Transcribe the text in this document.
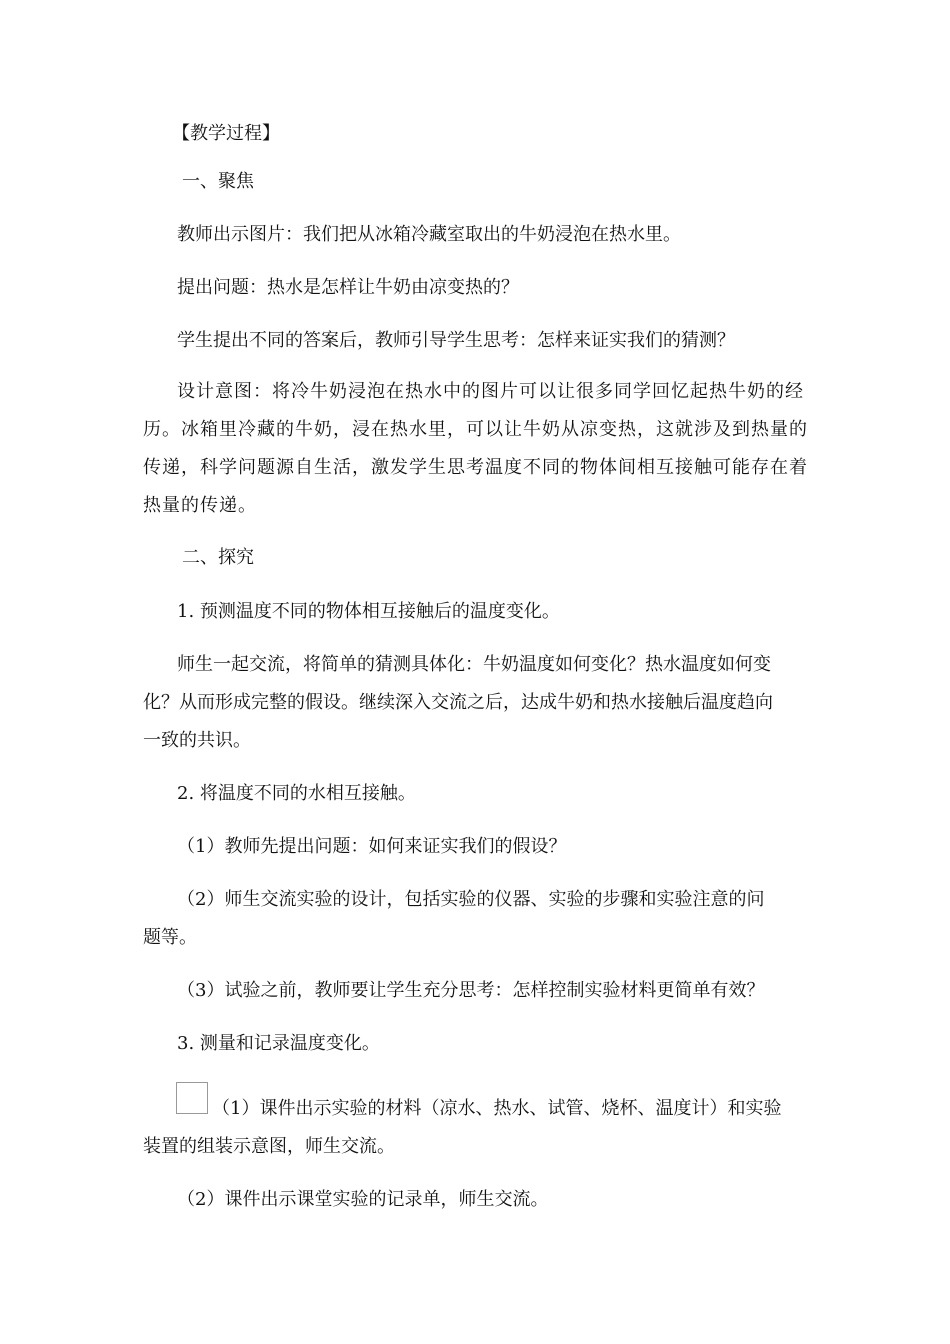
【教学过程】
一、聚焦
教师出示图片：我们把从冰箱冷藏室取出的牛奶浸泡在热水里。
提出问题：热水是怎样让牛奶由凉变热的？
学生提出不同的答案后，教师引导学生思考：怎样来证实我们的猜测？
设计意图：将冷牛奶浸泡在热水中的图片可以让很多同学回忆起热牛奶的经
历。冰箱里冷藏的牛奶，浸在热水里，可以让牛奶从凉变热，这就涉及到热量的
传递，科学问题源自生活，激发学生思考温度不同的物体间相互接触可能存在着
热量的传递。
二、探究
1. 预测温度不同的物体相互接触后的温度变化。
师生一起交流，将简单的猜测具体化：牛奶温度如何变化？热水温度如何变
化？从而形成完整的假设。继续深入交流之后，达成牛奶和热水接触后温度趋向
一致的共识。
2. 将温度不同的水相互接触。
（1）教师先提出问题：如何来证实我们的假设？
（2）师生交流实验的设计，包括实验的仪器、实验的步骤和实验注意的问
题等。
（3）试验之前，教师要让学生充分思考：怎样控制实验材料更简单有效？
3. 测量和记录温度变化。
（1）课件出示实验的材料（凉水、热水、试管、烧杯、温度计）和实验
装置的组装示意图，师生交流。
（2）课件出示课堂实验的记录单，师生交流。
